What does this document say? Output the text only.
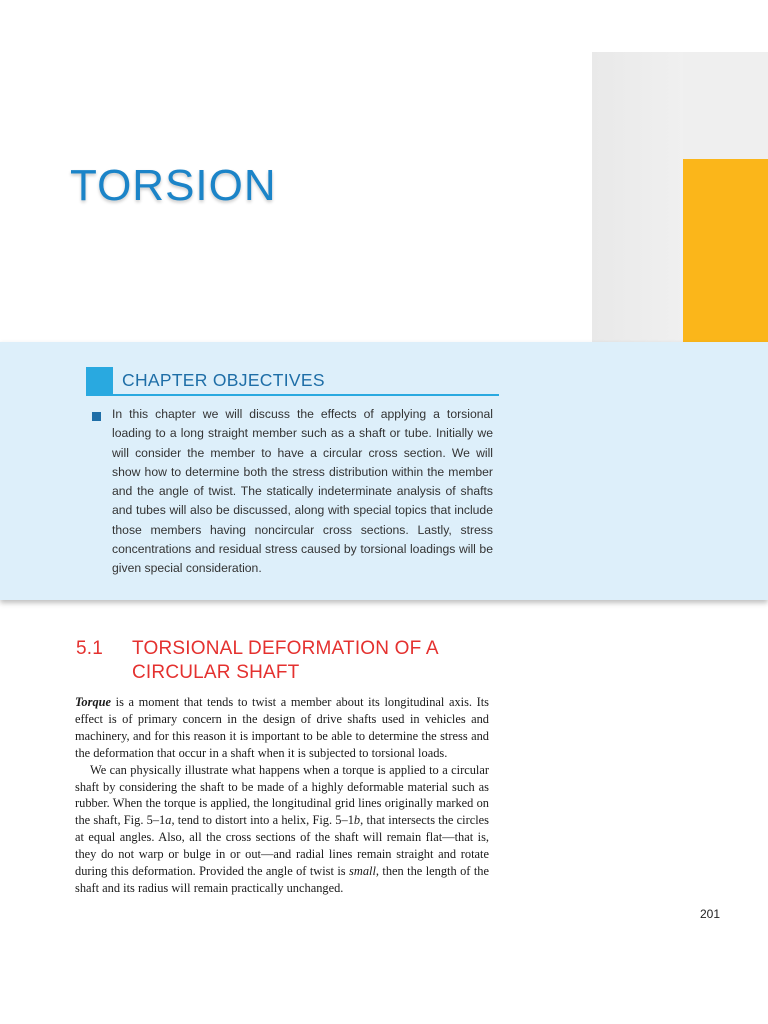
TORSION
CHAPTER OBJECTIVES

In this chapter we will discuss the effects of applying a torsional loading to a long straight member such as a shaft or tube. Initially we will consider the member to have a circular cross section. We will show how to determine both the stress distribution within the member and the angle of twist. The statically indeterminate analysis of shafts and tubes will also be discussed, along with special topics that include those members having noncircular cross sections. Lastly, stress concentrations and residual stress caused by torsional loadings will be given special consideration.

5.1 TORSIONAL DEFORMATION OF A
CIRCULAR SHAFT

Torque is a moment that tends to twist a member about its longitudinal axis. Its effect is of primary concern in the design of drive shafts used in vehicles and machinery, and for this reason it is important to be able to determine the stress and the deformation that occur in a shaft when it is subjected to torsional loads.

We can physically illustrate what happens when a torque is applied to a circular shaft by considering the shaft to be made of a highly deformable material such as rubber. When the torque is applied, the longitudinal grid lines originally marked on the shaft, Fig. 5–1a, tend to distort into a helix, Fig. 5–1b, that intersects the circles at equal angles. Also, all the cross sections of the shaft will remain flat—that is, they do not warp or bulge in or out—and radial lines remain straight and rotate during this deformation. Provided the angle of twist is small, then the length of the shaft and its radius will remain practically unchanged.

201
